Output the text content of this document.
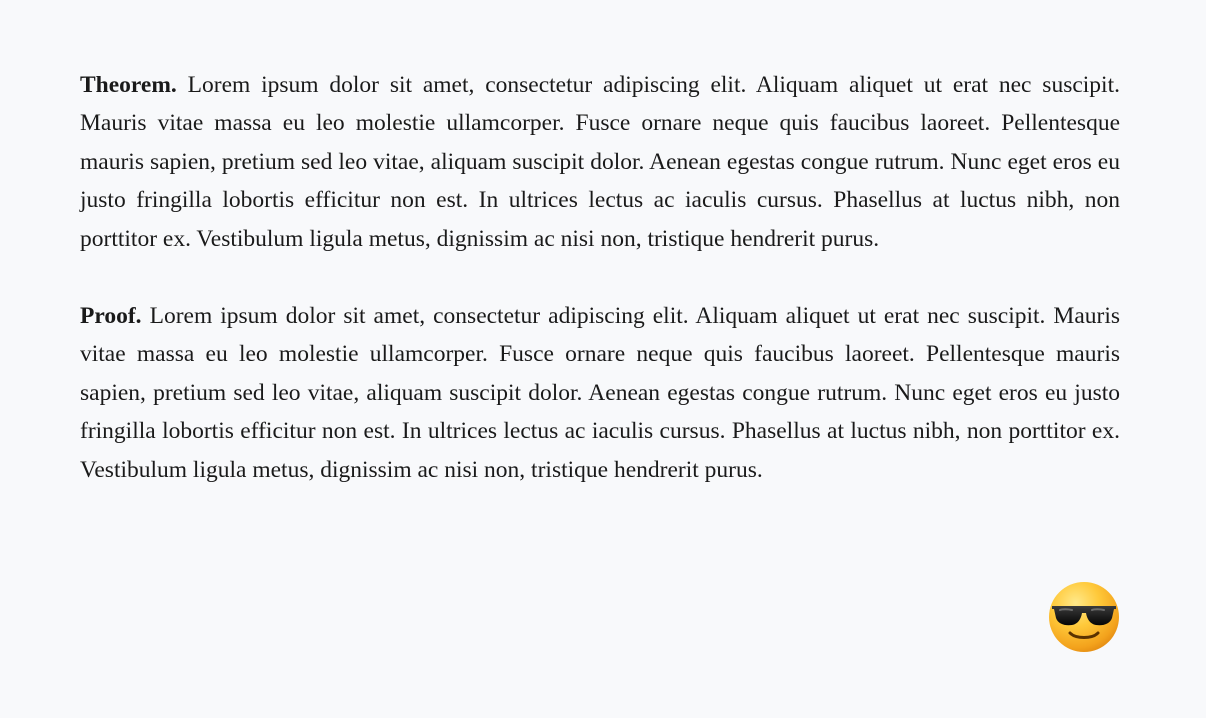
Theorem. Lorem ipsum dolor sit amet, consectetur adipiscing elit. Aliquam aliquet ut erat nec suscipit. Mauris vitae massa eu leo molestie ullamcorper. Fusce ornare neque quis faucibus laoreet. Pellentesque mauris sapien, pretium sed leo vitae, aliquam suscipit dolor. Aenean egestas congue rutrum. Nunc eget eros eu justo fringilla lobortis efficitur non est. In ultrices lectus ac iaculis cursus. Phasellus at luctus nibh, non porttitor ex. Vestibulum ligula metus, dignissim ac nisi non, tristique hendrerit purus.

Proof. Lorem ipsum dolor sit amet, consectetur adipiscing elit. Aliquam aliquet ut erat nec suscipit. Mauris vitae massa eu leo molestie ullamcorper. Fusce ornare neque quis faucibus laoreet. Pellentesque mauris sapien, pretium sed leo vitae, aliquam suscipit dolor. Aenean egestas congue rutrum. Nunc eget eros eu justo fringilla lobortis efficitur non est. In ultrices lectus ac iaculis cursus. Phasellus at luctus nibh, non porttitor ex. Vestibulum ligula metus, dignissim ac nisi non, tristique hendrerit purus.
